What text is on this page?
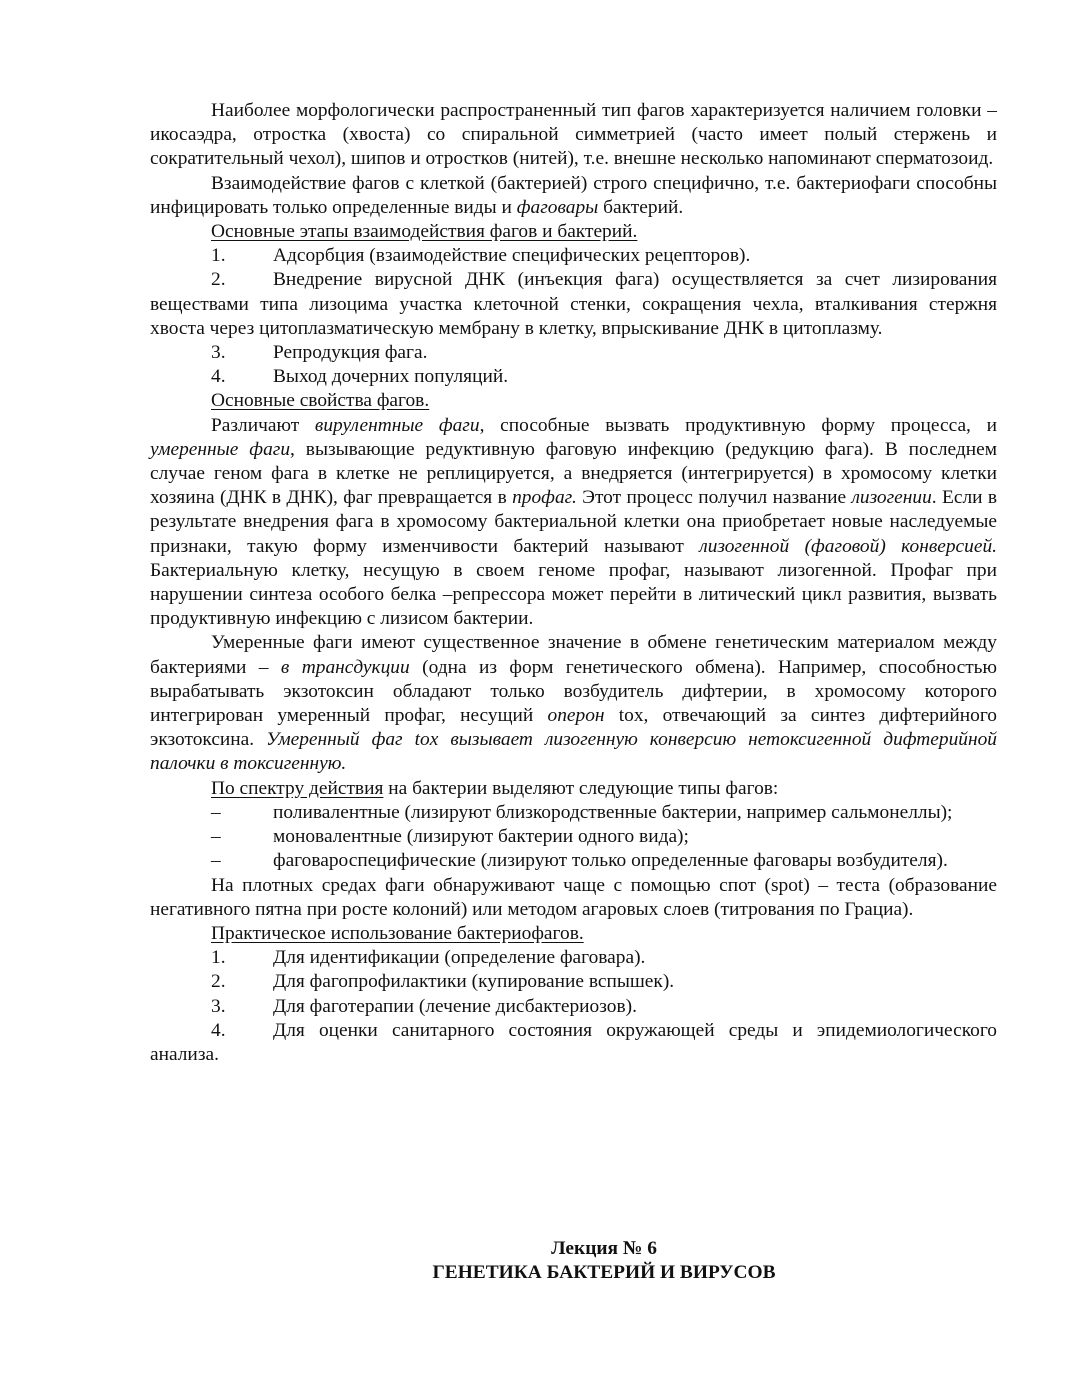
Наиболее морфологически распространенный тип фагов характеризуется наличием головки – икосаэдра, отростка (хвоста) со спиральной симметрией (часто имеет полый стержень и сократительный чехол), шипов и отростков (нитей), т.е. внешне несколько напоминают сперматозоид.

Взаимодействие фагов с клеткой (бактерией) строго специфично, т.е. бактериофаги способны инфицировать только определенные виды и фаговары бактерий.

Основные этапы взаимодействия фагов и бактерий.

1.	Адсорбция (взаимодействие специфических рецепторов).

2. Внедрение вирусной ДНК (инъекция фага) осуществляется за счет лизирования веществами типа лизоцима участка клеточной стенки, сокращения чехла, вталкивания стержня хвоста через цитоплазматическую мембрану в клетку, впрыскивание ДНК в цитоплазму.

3.	Репродукция фага.

4.	Выход дочерних популяций.

Основные свойства фагов.

Различают вирулентные фаги, способные вызвать продуктивную форму процесса, и умеренные фаги, вызывающие редуктивную фаговую инфекцию (редукцию фага). В последнем случае геном фага в клетке не реплицируется, а внедряется (интегрируется) в хромосому клетки хозяина (ДНК в ДНК), фаг превращается в профаг. Этот процесс получил название лизогении. Если в результате внедрения фага в хромосому бактериальной клетки она приобретает новые наследуемые признаки, такую форму изменчивости бактерий называют лизогенной (фаговой) конверсией. Бактериальную клетку, несущую в своем геноме профаг, называют лизогенной. Профаг при нарушении синтеза особого белка –репрессора может перейти в литический цикл развития, вызвать продуктивную инфекцию с лизисом бактерии.

Умеренные фаги имеют существенное значение в обмене генетическим материалом между бактериями – в трансдукции (одна из форм генетического обмена). Например, способностью вырабатывать экзотоксин обладают только возбудитель дифтерии, в хромосому которого интегрирован умеренный профаг, несущий оперон tox, отвечающий за синтез дифтерийного экзотоксина. Умеренный фаг tox вызывает лизогенную конверсию нетоксигенной дифтерийной палочки в токсигенную.

По спектру действия на бактерии выделяют следующие типы фагов:

–	поливалентные (лизируют близкородственные бактерии, например сальмонеллы);

–	моновалентные (лизируют бактерии одного вида);

–	фаговароспецифические (лизируют только определенные фаговары возбудителя).

На плотных средах фаги обнаруживают чаще с помощью спот (spot) – теста (образование негативного пятна при росте колоний) или методом агаровых слоев (титрования по Грациа).

Практическое использование бактериофагов.

1.	Для идентификации (определение фаговара).

2.	Для фагопрофилактики (купирование вспышек).

3.	Для фаготерапии (лечение дисбактериозов).

4. Для оценки санитарного состояния окружающей среды и эпидемиологического анализа.

Лекция № 6
ГЕНЕТИКА БАКТЕРИЙ И ВИРУСОВ
